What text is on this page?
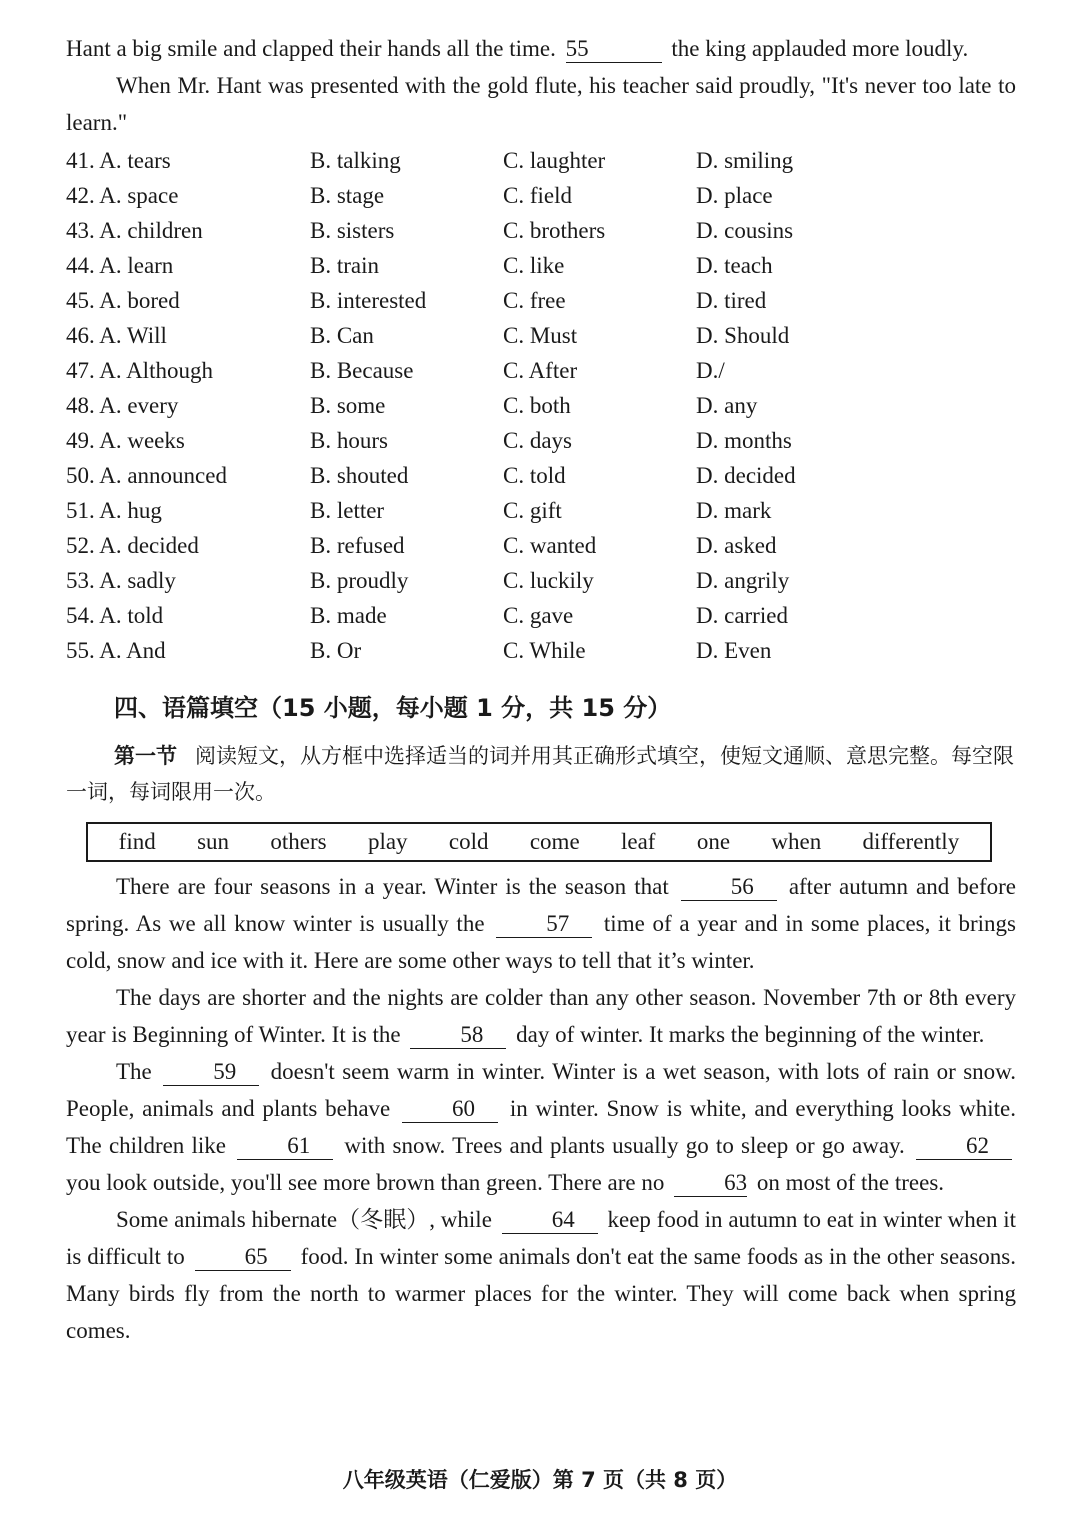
Hant a big smile and clapped their hands all the time. 55	the king applauded more loudly.

When Mr. Hant was presented with the gold flute, his teacher said proudly, "It's never too late to learn."

41. A. tears	B. talking	C. laughter	D. smiling
42. A. space	B. stage	C. field	D. place
43. A. children	B. sisters	C. brothers	D. cousins
44. A. learn	B. train	C. like	D. teach
45. A. bored	B. interested	C. free	D. tired
46. A. Will	B. Can	C. Must	D. Should
47. A. Although	B. Because	C. After	D./
48. A. every	B. some	C. both	D. any
49. A. weeks	B. hours	C. days	D. months
50. A. announced	B. shouted	C. told	D. decided
51. A. hug	B. letter	C. gift	D. mark
52. A. decided	B. refused	C. wanted	D. asked
53. A. sadly	B. proudly	C. luckily	D. angrily
54. A. told	B. made	C. gave	D. carried
55. A. And	B. Or	C. While	D. Even
四、语篇填空（15 小题，每小题 1 分，共 15 分）
第一节 阅读短文，从方框中选择适当的词并用其正确形式填空，使短文通顺、意思完整。每空限一词，每词限用一次。
find sun others play cold come leaf one when differently

There are four seasons in a year. Winter is the season that	56 after autumn and before spring. As we all know winter is usually the	57 time of a year and in some places, it brings cold, snow and ice with it. Here are some other ways to tell that it’s winter.

The days are shorter and the nights are colder than any other season. November 7th or 8th every year is Beginning of Winter. It is the	58 day of winter. It marks the beginning of the winter.

The	59 doesn't seem warm in winter. Winter is a wet season, with lots of rain or snow. People, animals and plants behave	60 in winter. Snow is white, and everything looks white. The children like	61 with snow. Trees and plants usually go to sleep or go away.	62 you look outside, you'll see more brown than green. There are no	63 on most of the trees.

Some animals hibernate（冬眠）, while	64 keep food in autumn to eat in winter when it is difficult to	65 food. In winter some animals don't eat the same foods as in the other seasons. Many birds fly from the north to warmer places for the winter. They will come back when spring comes.

八年级英语（仁爱版）第 7 页（共 8 页）
